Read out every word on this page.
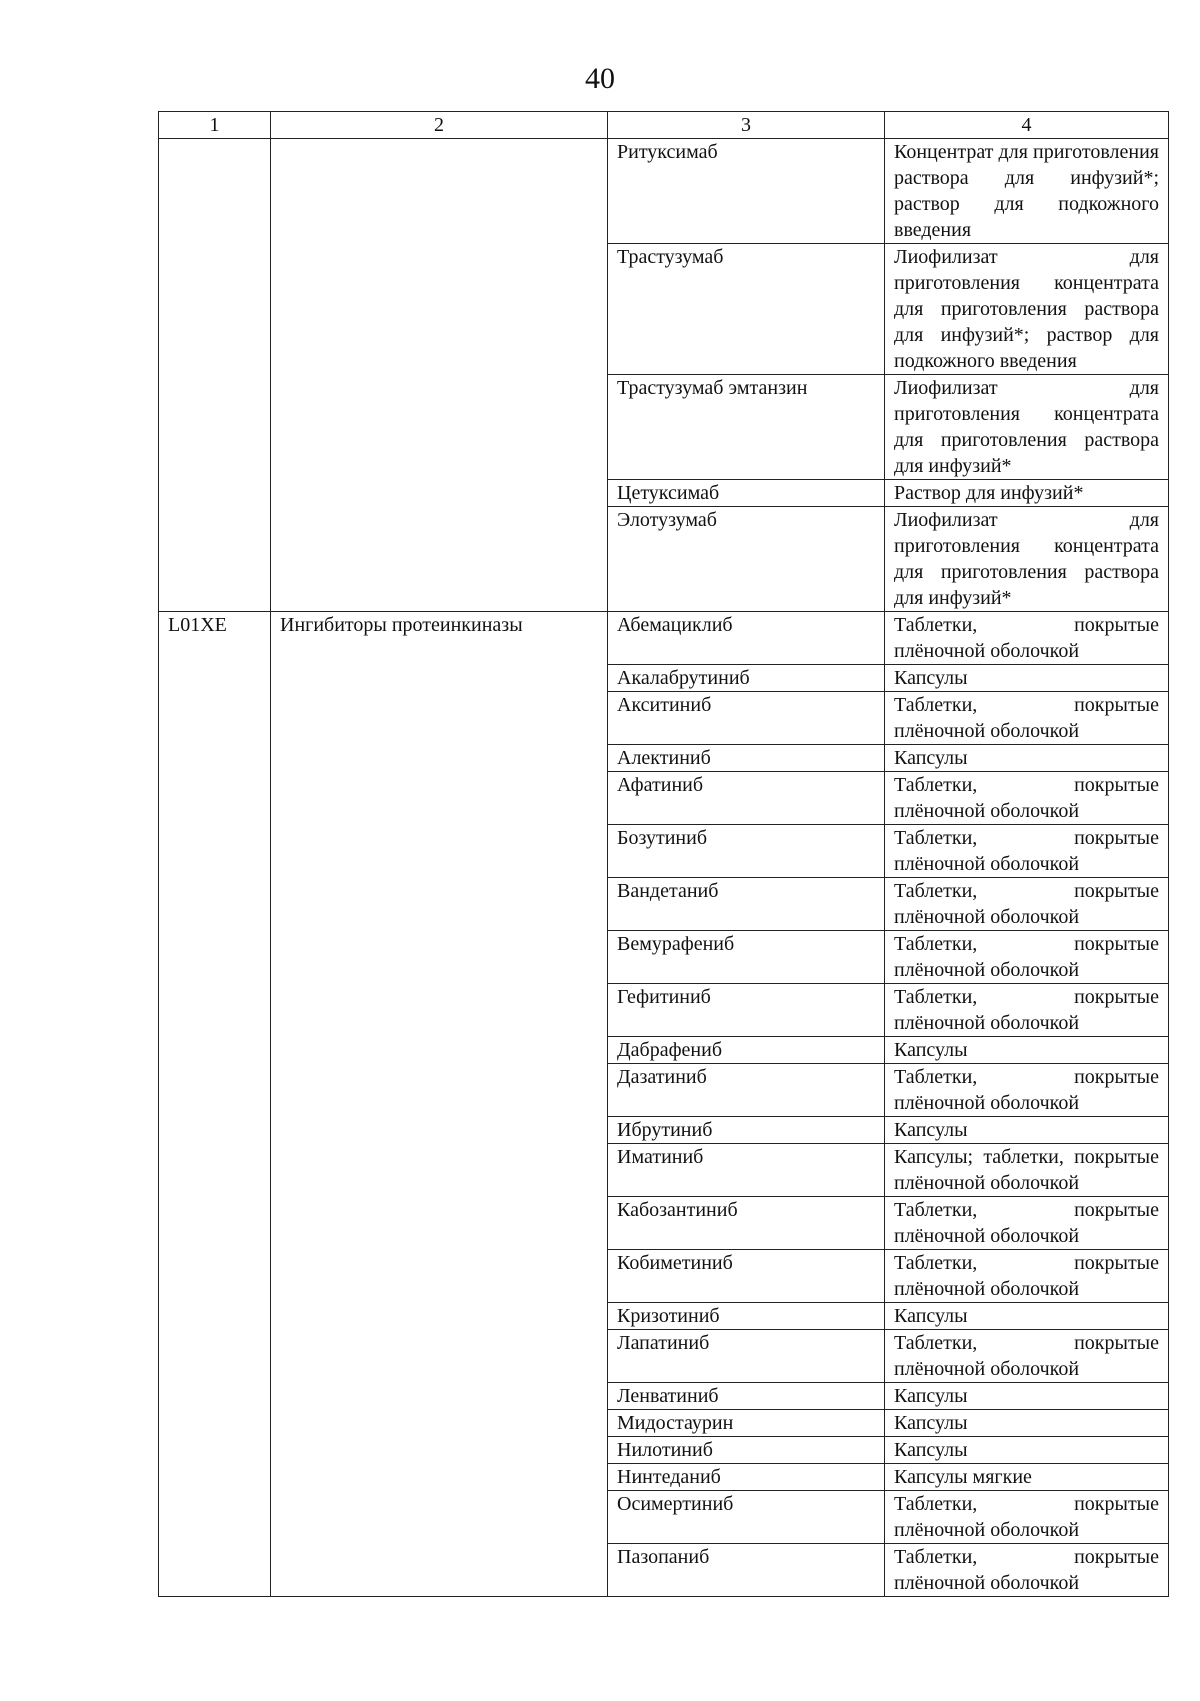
40
1	2	3	4
		Ритуксимаб	Концентрат для приготовления раствора для инфузий*; раствор для подкожного введения
		Трастузумаб	Лиофилизат для приготовления концентрата для приготовления раствора для инфузий*; раствор для подкожного введения
		Трастузумаб эмтанзин	Лиофилизат для приготовления концентрата для приготовления раствора для инфузий*
		Цетуксимаб	Раствор для инфузий*
		Элотузумаб	Лиофилизат для приготовления концентрата для приготовления раствора для инфузий*
L01XE	Ингибиторы протеинкиназы	Абемациклиб	Таблетки, покрытые плёночной оболочкой
		Акалабрутиниб	Капсулы
		Акситиниб	Таблетки, покрытые плёночной оболочкой
		Алектиниб	Капсулы
		Афатиниб	Таблетки, покрытые плёночной оболочкой
		Бозутиниб	Таблетки, покрытые плёночной оболочкой
		Вандетаниб	Таблетки, покрытые плёночной оболочкой
		Вемурафениб	Таблетки, покрытые плёночной оболочкой
		Гефитиниб	Таблетки, покрытые плёночной оболочкой
		Дабрафениб	Капсулы
		Дазатиниб	Таблетки, покрытые плёночной оболочкой
		Ибрутиниб	Капсулы
		Иматиниб	Капсулы; таблетки, покрытые плёночной оболочкой
		Кабозантиниб	Таблетки, покрытые плёночной оболочкой
		Кобиметиниб	Таблетки, покрытые плёночной оболочкой
		Кризотиниб	Капсулы
		Лапатиниб	Таблетки, покрытые плёночной оболочкой
		Ленватиниб	Капсулы
		Мидостаурин	Капсулы
		Нилотиниб	Капсулы
		Нинтеданиб	Капсулы мягкие
		Осимертиниб	Таблетки, покрытые плёночной оболочкой
		Пазопаниб	Таблетки, покрытые плёночной оболочкой
